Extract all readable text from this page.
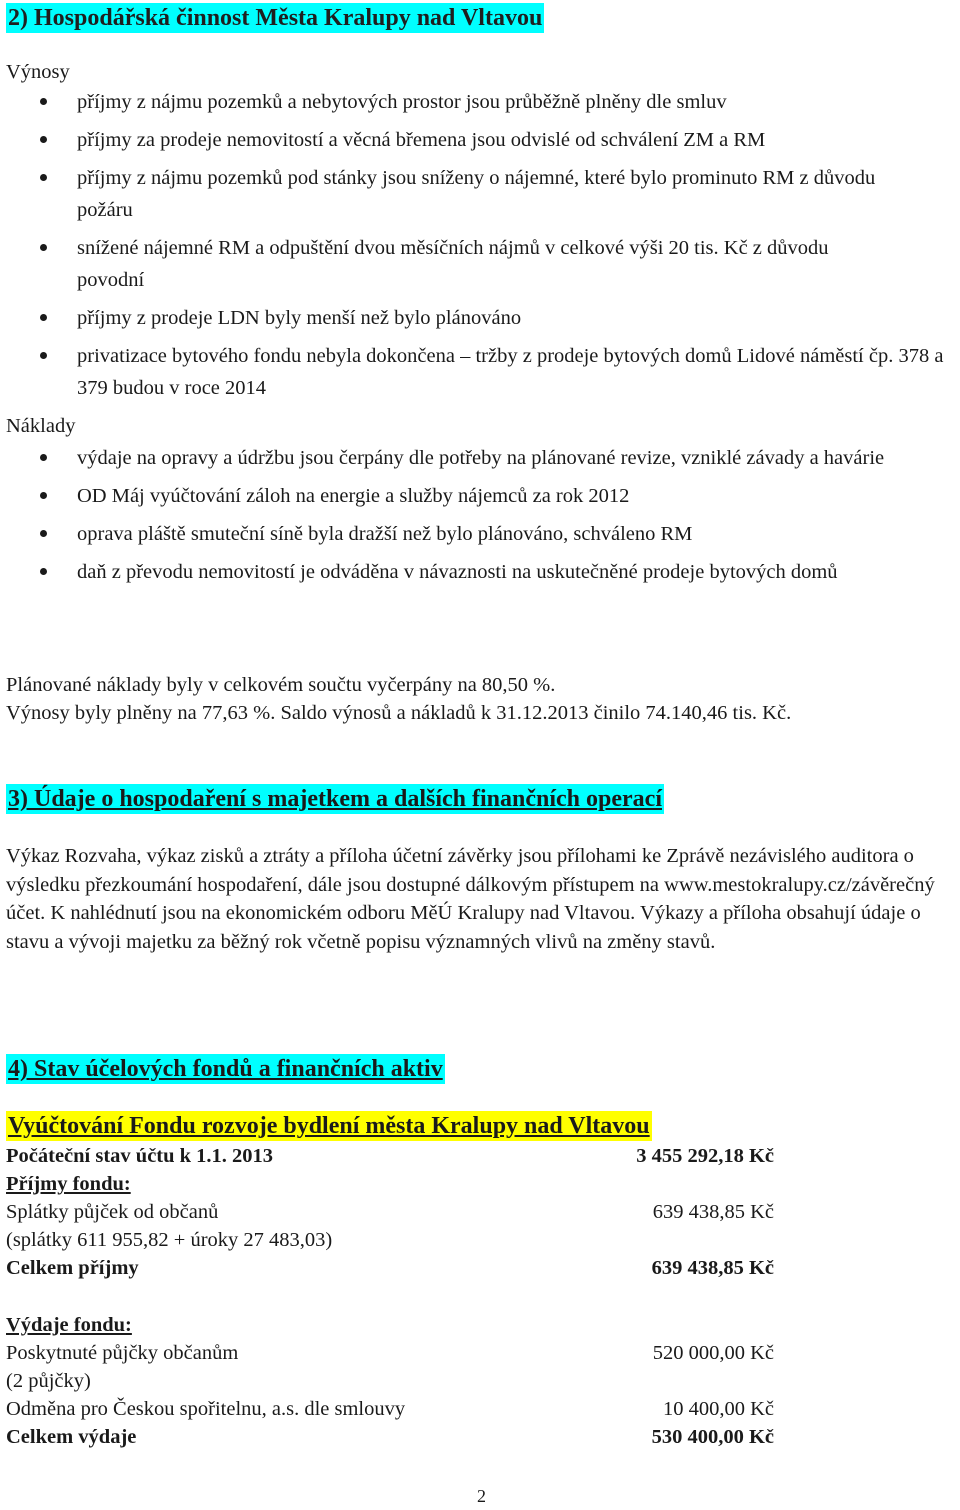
2) Hospodářská činnost Města Kralupy nad Vltavou

Výnosy

příjmy z nájmu pozemků a nebytových prostor jsou průběžně plněny dle smluv
příjmy za prodeje nemovitostí a věcná břemena jsou odvislé od schválení ZM a RM
příjmy z nájmu pozemků pod stánky jsou sníženy o nájemné, které bylo prominuto RM z důvodu požáru
snížené nájemné RM a odpuštění dvou měsíčních nájmů v celkové výši 20 tis. Kč z důvodu povodní
příjmy z prodeje LDN byly menší než bylo plánováno
privatizace bytového fondu nebyla dokončena – tržby z prodeje bytových domů Lidové náměstí čp. 378 a 379 budou v roce 2014

Náklady

výdaje na opravy a údržbu jsou čerpány dle potřeby na plánované revize, vzniklé závady a havárie
OD Máj vyúčtování záloh na energie a služby nájemců za rok 2012
oprava pláště smuteční síně byla dražší než bylo plánováno, schváleno RM
daň z převodu nemovitostí je odváděna v návaznosti na uskutečněné prodeje bytových domů

Plánované náklady byly v celkovém součtu vyčerpány na 80,50 %.

Výnosy byly plněny na 77,63 %. Saldo výnosů a nákladů k 31.12.2013 činilo 74.140,46 tis. Kč.

3) Údaje o hospodaření s majetkem a dalších finančních operací

Výkaz Rozvaha, výkaz zisků a ztráty a příloha účetní závěrky jsou přílohami ke Zprávě nezávislého auditora o výsledku přezkoumání hospodaření, dále jsou dostupné dálkovým přístupem na www.mestokralupy.cz/závěrečný účet. K nahlédnutí jsou na ekonomickém odboru MěÚ Kralupy nad Vltavou. Výkazy a příloha obsahují údaje o stavu a vývoji majetku za běžný rok včetně popisu významných vlivů na změny stavů.

4) Stav účelových fondů a finančních aktiv
Vyúčtování Fondu rozvoje bydlení města Kralupy nad Vltavou
Počáteční stav účtu k 1.1. 2013	3 455 292,18 Kč

Příjmy fondu:

Splátky půjček od občanů	639 438,85 Kč

(splátky 611 955,82 + úroky 27 483,03)

Celkem příjmy	639 438,85 Kč

Výdaje fondu:

Poskytnuté půjčky občanům	520 000,00 Kč

(2 půjčky)

Odměna pro Českou spořitelnu, a.s. dle smlouvy	10 400,00 Kč
Celkem výdaje	530 400,00 Kč
2
